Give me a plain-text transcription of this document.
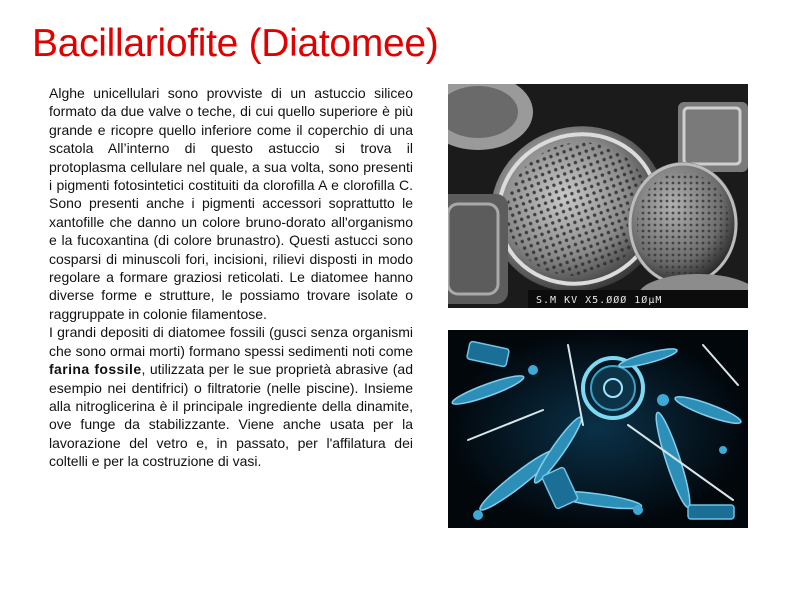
Bacillariofite (Diatomee)

Alghe unicellulari sono provviste di un astuccio siliceo formato da due valve o teche, di cui quello superiore è più grande e ricopre quello inferiore come il coperchio di una scatola All’interno di questo astuccio si trova il protoplasma cellulare nel quale, a sua volta, sono presenti i pigmenti fotosintetici costituiti da clorofilla A e clorofilla C. Sono presenti anche i pigmenti accessori soprattutto le xantofille che danno un colore bruno-dorato all'organismo e la fucoxantina (di colore brunastro). Questi astucci sono cosparsi di minuscoli fori, incisioni, rilievi disposti in modo regolare a formare graziosi reticolati. Le diatomee hanno diverse forme e strutture, le possiamo trovare isolate o raggruppate in colonie filamentose.

I grandi depositi di diatomee fossili (gusci senza organismi che sono ormai morti) formano spessi sedimenti noti come farina fossile, utilizzata per le sue proprietà abrasive (ad esempio nei dentifrici) o filtratorie (nelle piscine). Insieme alla nitroglicerina è il principale ingrediente della dinamite, ove funge da stabilizzante. Viene anche usata per la lavorazione del vetro e, in passato, per l'affilatura dei coltelli e per la costruzione di vasi.

S.M KV X5.ØØØ 1ØμM
